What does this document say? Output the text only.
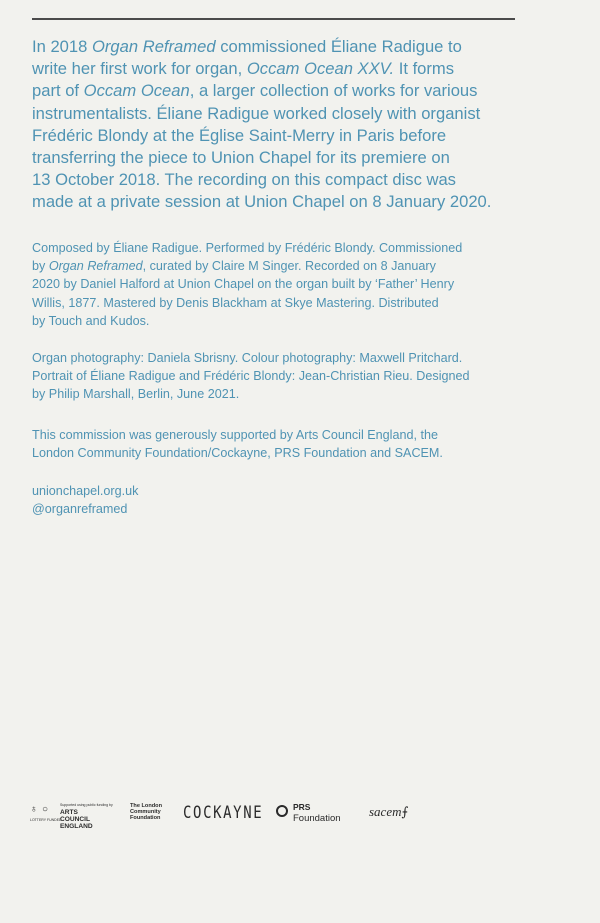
In 2018 Organ Reframed commissioned Éliane Radigue to
write her first work for organ, Occam Ocean XXV. It forms
part of Occam Ocean, a larger collection of works for various
instrumentalists. Éliane Radigue worked closely with organist
Frédéric Blondy at the Église Saint-Merry in Paris before
transferring the piece to Union Chapel for its premiere on
13 October 2018. The recording on this compact disc was
made at a private session at Union Chapel on 8 January 2020.

Composed by Éliane Radigue. Performed by Frédéric Blondy. Commissioned
by Organ Reframed, curated by Claire M Singer. Recorded on 8 January
2020 by Daniel Halford at Union Chapel on the organ built by ‘Father’ Henry
Willis, 1877. Mastered by Denis Blackham at Skye Mastering. Distributed
by Touch and Kudos.

Organ photography: Daniela Sbrisny. Colour photography: Maxwell Pritchard.
Portrait of Éliane Radigue and Frédéric Blondy: Jean-Christian Rieu. Designed
by Philip Marshall, Berlin, June 2021.

This commission was generously supported by Arts Council England, the
London Community Foundation/Cockayne, PRS Foundation and SACEM.

unionchapel.org.uk
@organreframed

♁ ○
LOTTERY FUNDED
Supported using public funding by
ARTS COUNCIL ENGLAND
The London
Community
Foundation	COCKAYNE	PRS
Foundation sacem⨍
